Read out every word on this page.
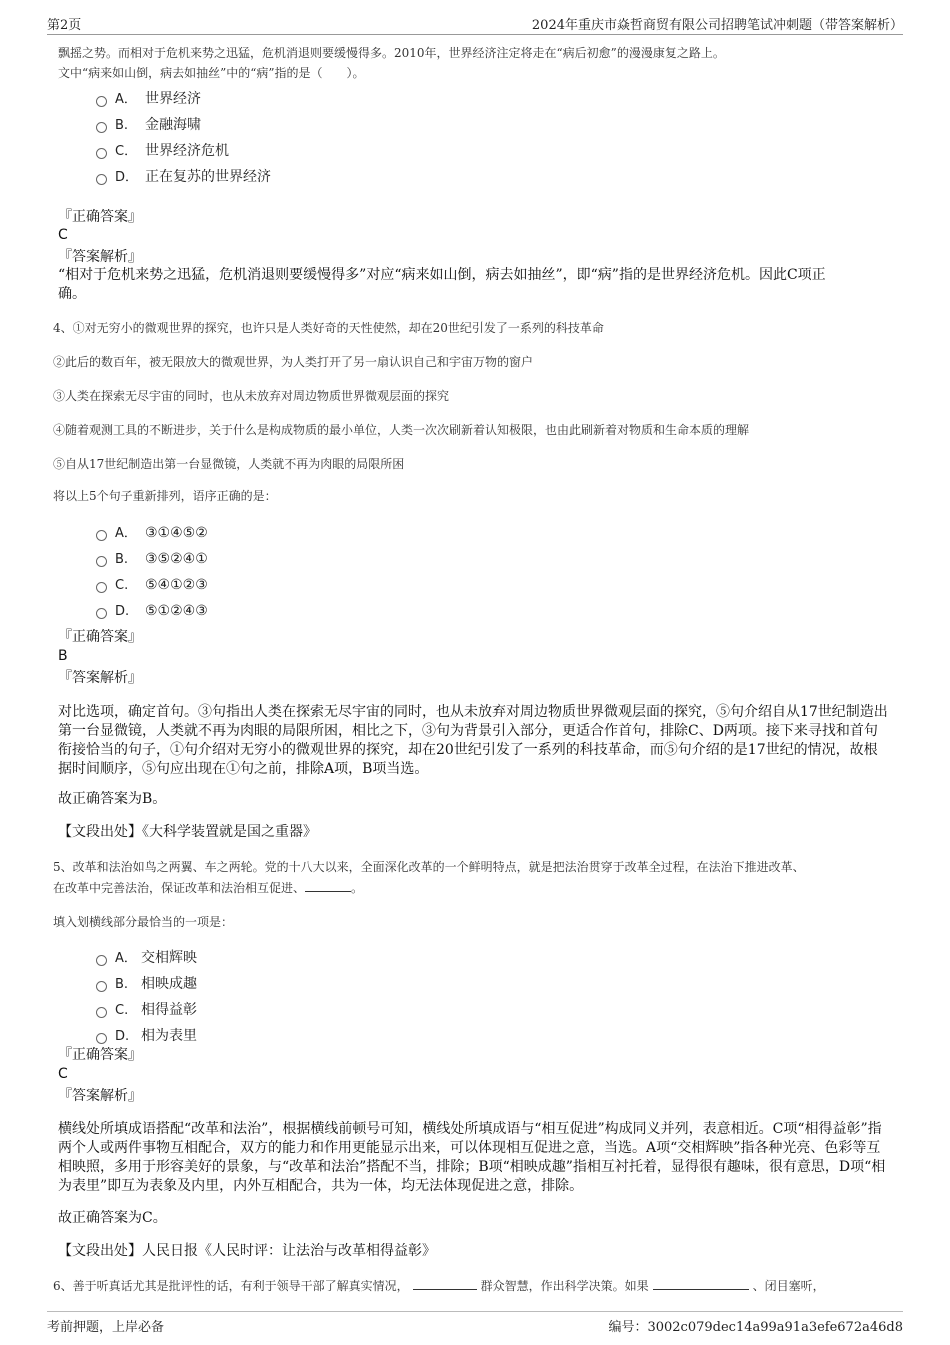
第2页	2024年重庆市焱哲商贸有限公司招聘笔试冲刺题（带答案解析）
飘摇之势。而相对于危机来势之迅猛，危机消退则要缓慢得多。2010年，世界经济注定将走在“病后初愈”的漫漫康复之路上。
文中“病来如山倒，病去如抽丝”中的“病”指的是（　　）。
A． 世界经济
B. 金融海啸
C． 世界经济危机
D． 正在复苏的世界经济
『正确答案』
C
『答案解析』
“相对于危机来势之迅猛，危机消退则要缓慢得多”对应“病来如山倒，病去如抽丝”，即“病”指的是世界经济危机。因此C项正
确。
4、①对无穷小的微观世界的探究，也许只是人类好奇的天性使然，却在20世纪引发了一系列的科技革命
②此后的数百年，被无限放大的微观世界，为人类打开了另一扇认识自己和宇宙万物的窗户
③人类在探索无尽宇宙的同时，也从未放弃对周边物质世界微观层面的探究
④随着观测工具的不断进步，关于什么是构成物质的最小单位，人类一次次刷新着认知极限，也由此刷新着对物质和生命本质的理解
⑤自从17世纪制造出第一台显微镜，人类就不再为肉眼的局限所困
将以上5个句子重新排列，语序正确的是：
A． ③①④⑤②
B. ③⑤②④①
C. ⑤④①②③
D. ⑤①②④③
『正确答案』
B
『答案解析』
对比选项，确定首句。③句指出人类在探索无尽宇宙的同时，也从未放弃对周边物质世界微观层面的探究，⑤句介绍自从17世纪制造出第一台显微镜，人类就不再为肉眼的局限所困，相比之下，③句为背景引入部分，更适合作首句，排除C、D两项。接下来寻找和首句衔接恰当的句子，①句介绍对无穷小的微观世界的探究，却在20世纪引发了一系列的科技革命，而⑤句介绍的是17世纪的情况，故根据时间顺序，⑤句应出现在①句之前，排除A项，B项当选。
故正确答案为B。
【文段出处】《大科学装置就是国之重器》
5、改革和法治如鸟之两翼、车之两轮。党的十八大以来，全面深化改革的一个鲜明特点，就是把法治贯穿于改革全过程，在法治下推进改革、
在改革中完善法治，保证改革和法治相互促进、	。
填入划横线部分最恰当的一项是：
A． 交相辉映
B. 相映成趣
C. 相得益彰
D. 相为表里
『正确答案』
C
『答案解析』
横线处所填成语搭配“改革和法治”，根据横线前顿号可知，横线处所填成语与“相互促进”构成同义并列，表意相近。C项“相得益彰”指两个人或两件事物互相配合，双方的能力和作用更能显示出来，可以体现相互促进之意，当选。A项“交相辉映”指各种光亮、色彩等互相映照，多用于形容美好的景象，与“改革和法治”搭配不当，排除；B项“相映成趣”指相互衬托着，显得很有趣味，很有意思，D项“相为表里”即互为表象及内里，内外互相配合，共为一体，均无法体现促进之意，排除。
故正确答案为C。
【文段出处】人民日报《人民时评：让法治与改革相得益彰》
6、善于听真话尤其是批评性的话，有利于领导干部了解真实情况，	群众智慧，作出科学决策。如果	、闭目塞听，
考前押题，上岸必备	编号：3002c079dec14a99a91a3efe672a46d8
